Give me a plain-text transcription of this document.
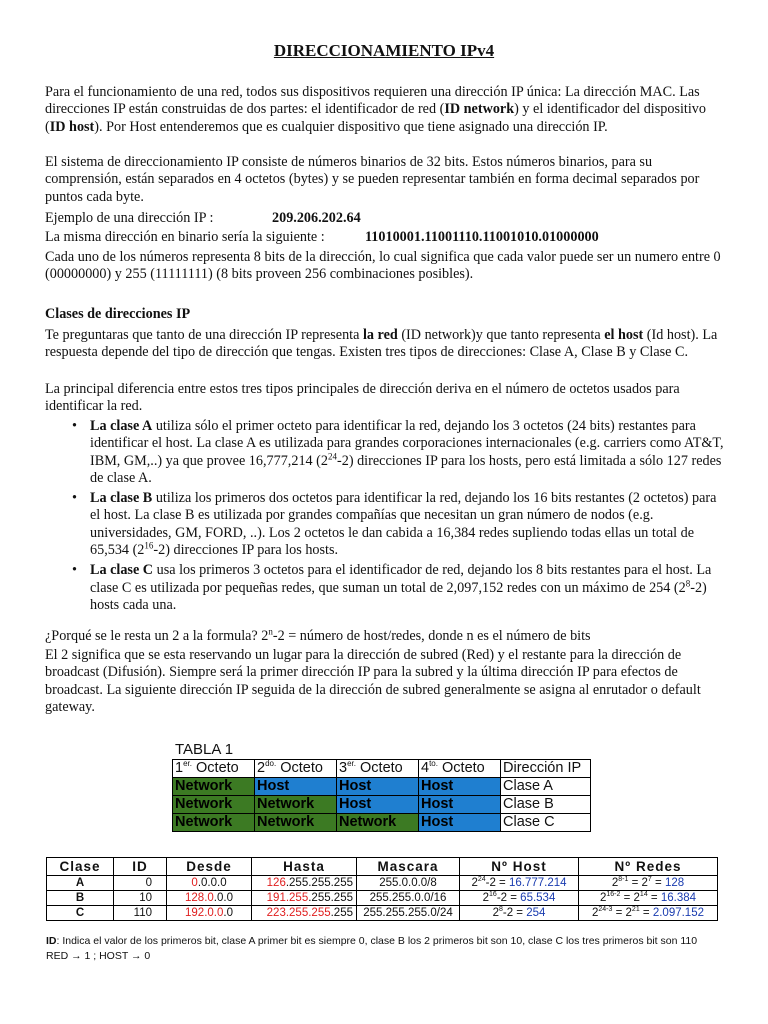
DIRECCIONAMIENTO IPv4

Para el funcionamiento de una red, todos sus dispositivos requieren una dirección IP única: La dirección MAC. Las direcciones IP están construidas de dos partes: el identificador de red (ID network) y el identificador del dispositivo (ID host). Por Host entenderemos que es cualquier dispositivo que tiene asignado una dirección IP.

El sistema de direccionamiento IP consiste de números binarios de 32 bits. Estos números binarios, para su comprensión, están separados en 4 octetos (bytes) y se pueden representar también en forma decimal separados por puntos cada byte.

Ejemplo de una dirección IP :	209.206.202.64
La misma dirección en binario sería la siguiente :	11010001.11001110.11001010.01000000

Cada uno de los números representa 8 bits de la dirección, lo cual significa que cada valor puede ser un numero entre 0 (00000000) y 255 (11111111) (8 bits proveen 256 combinaciones posibles).

Clases de direcciones IP

Te preguntaras que tanto de una dirección IP representa la red (ID network)y que tanto representa el host (Id host). La respuesta depende del tipo de dirección que tengas. Existen tres tipos de direcciones: Clase A, Clase B y Clase C.

La principal diferencia entre estos tres tipos principales de dirección deriva en el número de octetos usados para identificar la red.

• La clase A utiliza sólo el primer octeto para identificar la red, dejando los 3 octetos (24 bits) restantes para identificar el host. La clase A es utilizada para grandes corporaciones internacionales (e.g. carriers como AT&T, IBM, GM,..) ya que provee 16,777,214 $(2^{24}-2)$ direcciones IP para los hosts, pero está limitada a sólo 127 redes de clase A.
• La clase B utiliza los primeros dos octetos para identificar la red, dejando los 16 bits restantes (2 octetos) para el host. La clase B es utilizada por grandes compañías que necesitan un gran número de nodos (e.g. universidades, GM, FORD, ..). Los 2 octetos le dan cabida a 16,384 redes supliendo todas ellas un total de 65,534 $(2^{16}-2)$ direcciones IP para los hosts.
• La clase C usa los primeros 3 octetos para el identificador de red, dejando los 8 bits restantes para el host. La clase C es utilizada por pequeñas redes, que suman un total de 2,097,152 redes con un máximo de 254 $(2^8-2)$ hosts cada una.

¿Porqué se le resta un 2 a la formula? $2^n-2$ = número de host/redes, donde n es el número de bits

El 2 significa que se esta reservando un lugar para la dirección de subred (Red) y el restante para la dirección de broadcast (Difusión). Siempre será la primer dirección IP para la subred y la última dirección IP para efectos de broadcast. La siguiente dirección IP seguida de la dirección de subred generalmente se asigna al enrutador o default gateway.

TABLA 1
$1^{er.}$ Octeto	$2^{do.}$ Octeto	$3^{er.}$ Octeto	$4^{to.}$ Octeto	Dirección IP
Network	Host	Host	Host	Clase A
Network	Network	Host	Host	Clase B
Network	Network	Network	Host	Clase C
Clase	ID	Desde	Hasta	Mascara	Nº Host	Nº Redes
A	0	0.0.0.0	126.255.255.255	255.0.0.0/8	$2^{24}-2 = 16.777.214$	$2^{8-1} = 2^7 = 128$
B	10	128.0.0.0	191.255.255.255	255.255.0.0/16	$2^{16}-2 = 65.534$	$2^{16-2} = 2^{14} = 16.384$
C	110	192.0.0.0	223.255.255.255	255.255.255.0/24	$2^8-2 = 254$	$2^{24-3} = 2^{21} = 2.097.152$
ID: Indica el valor de los primeros bit, clase A primer bit es siempre 0, clase B los 2 primeros bit son 10, clase C los tres primeros bit son 110
RED → 1 ; HOST → 0
